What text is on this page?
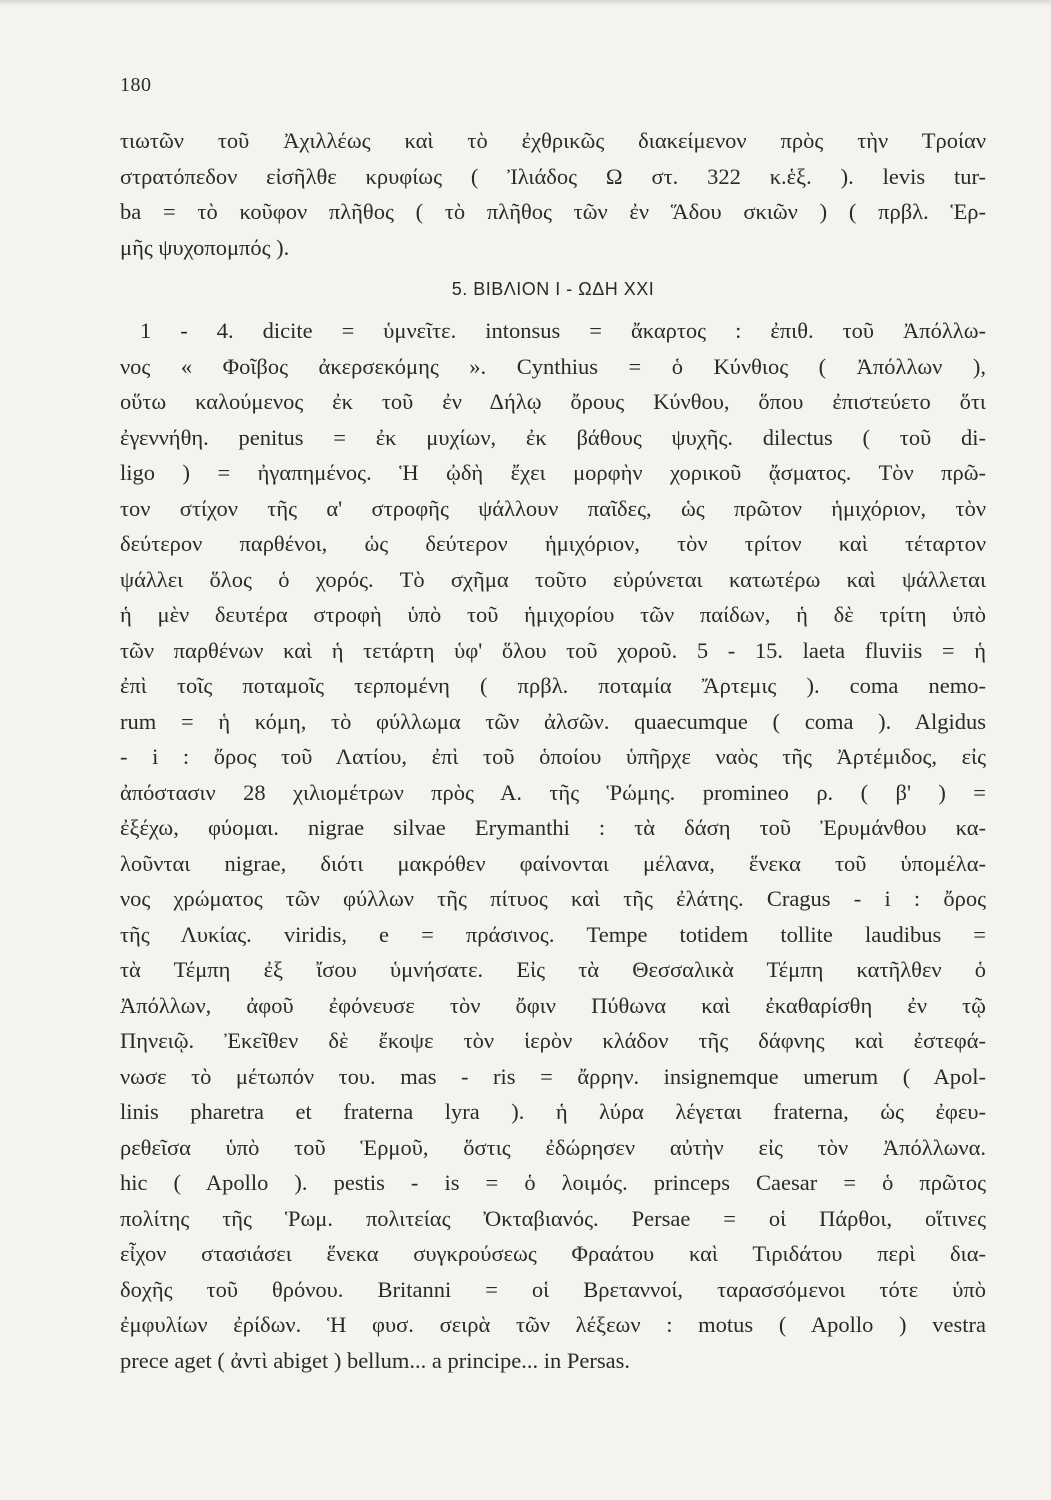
180
τιωτῶν τοῦ Ἀχιλλέως καὶ τὸ ἐχθρικῶς διακείμενον πρὸς τὴν Τροίαν
στρατόπεδον εἰσῆλθε κρυφίως ( Ἰλιάδος Ω στ. 322 κ.ἑξ. ). levis tur-
ba = τὸ κοῦφον πλῆθος ( τὸ πλῆθος τῶν ἐν Ἅδου σκιῶν ) ( πρβλ. Ἑρ-
μῆς ψυχοπομπός ).
5. ΒΙΒΛΙΟΝ Ι - ΩΔΗ XXI
1 - 4. dicite = ὑμνεῖτε. intonsus = ἄκαρτος : ἐπιθ. τοῦ Ἀπόλλω-
νος « Φοῖβος ἀκερσεκόμης ». Cynthius = ὁ Κύνθιος ( Ἀπόλλων ),
οὕτω καλούμενος ἐκ τοῦ ἐν Δήλῳ ὄρους Κύνθου, ὅπου ἐπιστεύετο ὅτι
ἐγεννήθη. penitus = ἐκ μυχίων, ἐκ βάθους ψυχῆς. dilectus ( τοῦ di-
ligo ) = ἠγαπημένος. Ἡ ᾠδὴ ἔχει μορφὴν χορικοῦ ᾄσματος. Τὸν πρῶ-
τον στίχον τῆς α' στροφῆς ψάλλουν παῖδες, ὡς πρῶτον ἡμιχόριον, τὸν
δεύτερον παρθένοι, ὡς δεύτερον ἡμιχόριον, τὸν τρίτον καὶ τέταρτον
ψάλλει ὅλος ὁ χορός. Τὸ σχῆμα τοῦτο εὐρύνεται κατωτέρω καὶ ψάλλεται
ἡ μὲν δευτέρα στροφὴ ὑπὸ τοῦ ἡμιχορίου τῶν παίδων, ἡ δὲ τρίτη ὑπὸ
τῶν παρθένων καὶ ἡ τετάρτη ὑφ' ὅλου τοῦ χοροῦ. 5 - 15. laeta fluviis = ἡ
ἐπὶ τοῖς ποταμοῖς τερπομένη ( πρβλ. ποταμία Ἄρτεμις ). coma nemo-
rum = ἡ κόμη, τὸ φύλλωμα τῶν ἀλσῶν. quaecumque ( coma ). Algidus
- i : ὄρος τοῦ Λατίου, ἐπὶ τοῦ ὁποίου ὑπῆρχε ναὸς τῆς Ἀρτέμιδος, εἰς
ἀπόστασιν 28 χιλιομέτρων πρὸς Α. τῆς Ῥώμης. promineo ρ. ( β' ) =
ἐξέχω, φύομαι. nigrae silvae Erymanthi : τὰ δάση τοῦ Ἐρυμάνθου κα-
λοῦνται nigrae, διότι μακρόθεν φαίνονται μέλανα, ἕνεκα τοῦ ὑπομέλα-
νος χρώματος τῶν φύλλων τῆς πίτυος καὶ τῆς ἐλάτης. Cragus - i : ὄρος
τῆς Λυκίας. viridis, e = πράσινος. Tempe totidem tollite laudibus =
τὰ Τέμπη ἐξ ἴσου ὑμνήσατε. Εἰς τὰ Θεσσαλικὰ Τέμπη κατῆλθεν ὁ
Ἀπόλλων, ἀφοῦ ἐφόνευσε τὸν ὄφιν Πύθωνα καὶ ἐκαθαρίσθη ἐν τῷ
Πηνειῷ. Ἐκεῖθεν δὲ ἔκοψε τὸν ἱερὸν κλάδον τῆς δάφνης καὶ ἐστεφά-
νωσε τὸ μέτωπόν του. mas - ris = ἄρρην. insignemque umerum ( Apol-
linis pharetra et fraterna lyra ). ἡ λύρα λέγεται fraterna, ὡς ἐφευ-
ρεθεῖσα ὑπὸ τοῦ Ἑρμοῦ, ὅστις ἐδώρησεν αὐτὴν εἰς τὸν Ἀπόλλωνα.
hic ( Apollo ). pestis - is = ὁ λοιμός. princeps Caesar = ὁ πρῶτος
πολίτης τῆς Ῥωμ. πολιτείας Ὀκταβιανός. Persae = οἱ Πάρθοι, οἵτινες
εἶχον στασιάσει ἕνεκα συγκρούσεως Φραάτου καὶ Τιριδάτου περὶ δια-
δοχῆς τοῦ θρόνου. Britanni = οἱ Βρεταννοί, ταρασσόμενοι τότε ὑπὸ
ἐμφυλίων ἐρίδων. Ἡ φυσ. σειρὰ τῶν λέξεων : motus ( Apollo ) vestra
prece aget ( ἀντὶ abiget ) bellum... a principe... in Persas.
